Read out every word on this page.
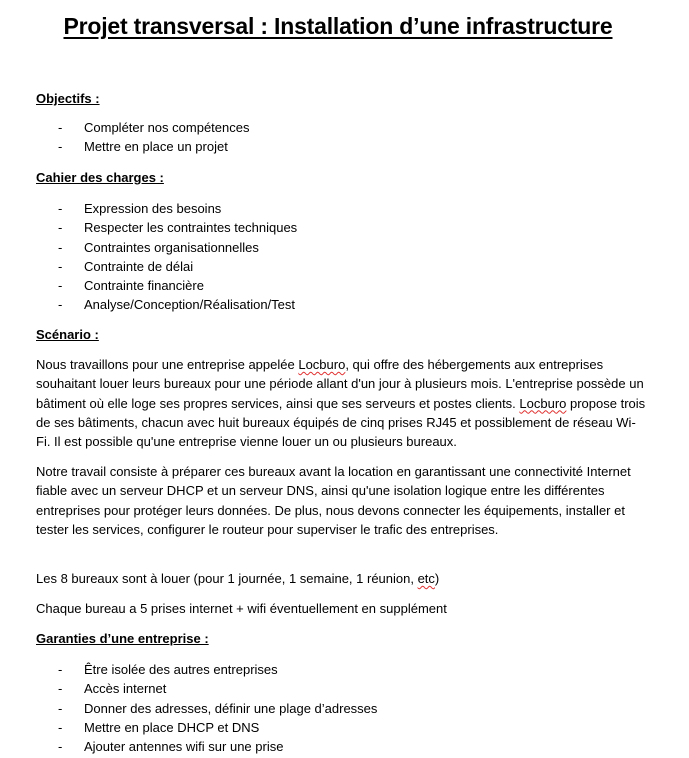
Projet transversal : Installation d’une infrastructure
Objectifs :
- Compléter nos compétences
- Mettre en place un projet
Cahier des charges :
- Expression des besoins
- Respecter les contraintes techniques
- Contraintes organisationnelles
- Contrainte de délai
- Contrainte financière
- Analyse/Conception/Réalisation/Test
Scénario :

Nous travaillons pour une entreprise appelée Locburo, qui offre des hébergements aux entreprises souhaitant louer leurs bureaux pour une période allant d'un jour à plusieurs mois. L'entreprise possède un bâtiment où elle loge ses propres services, ainsi que ses serveurs et postes clients. Locburo propose trois de ses bâtiments, chacun avec huit bureaux équipés de cinq prises RJ45 et possiblement de réseau Wi-Fi. Il est possible qu'une entreprise vienne louer un ou plusieurs bureaux.

Notre travail consiste à préparer ces bureaux avant la location en garantissant une connectivité Internet fiable avec un serveur DHCP et un serveur DNS, ainsi qu'une isolation logique entre les différentes entreprises pour protéger leurs données. De plus, nous devons connecter les équipements, installer et tester les services, configurer le routeur pour superviser le trafic des entreprises.

Les 8 bureaux sont à louer (pour 1 journée, 1 semaine, 1 réunion, etc)

Chaque bureau a 5 prises internet + wifi éventuellement en supplément

Garanties d’une entreprise :
- Être isolée des autres entreprises
- Accès internet
- Donner des adresses, définir une plage d’adresses
- Mettre en place DHCP et DNS
- Ajouter antennes wifi sur une prise
